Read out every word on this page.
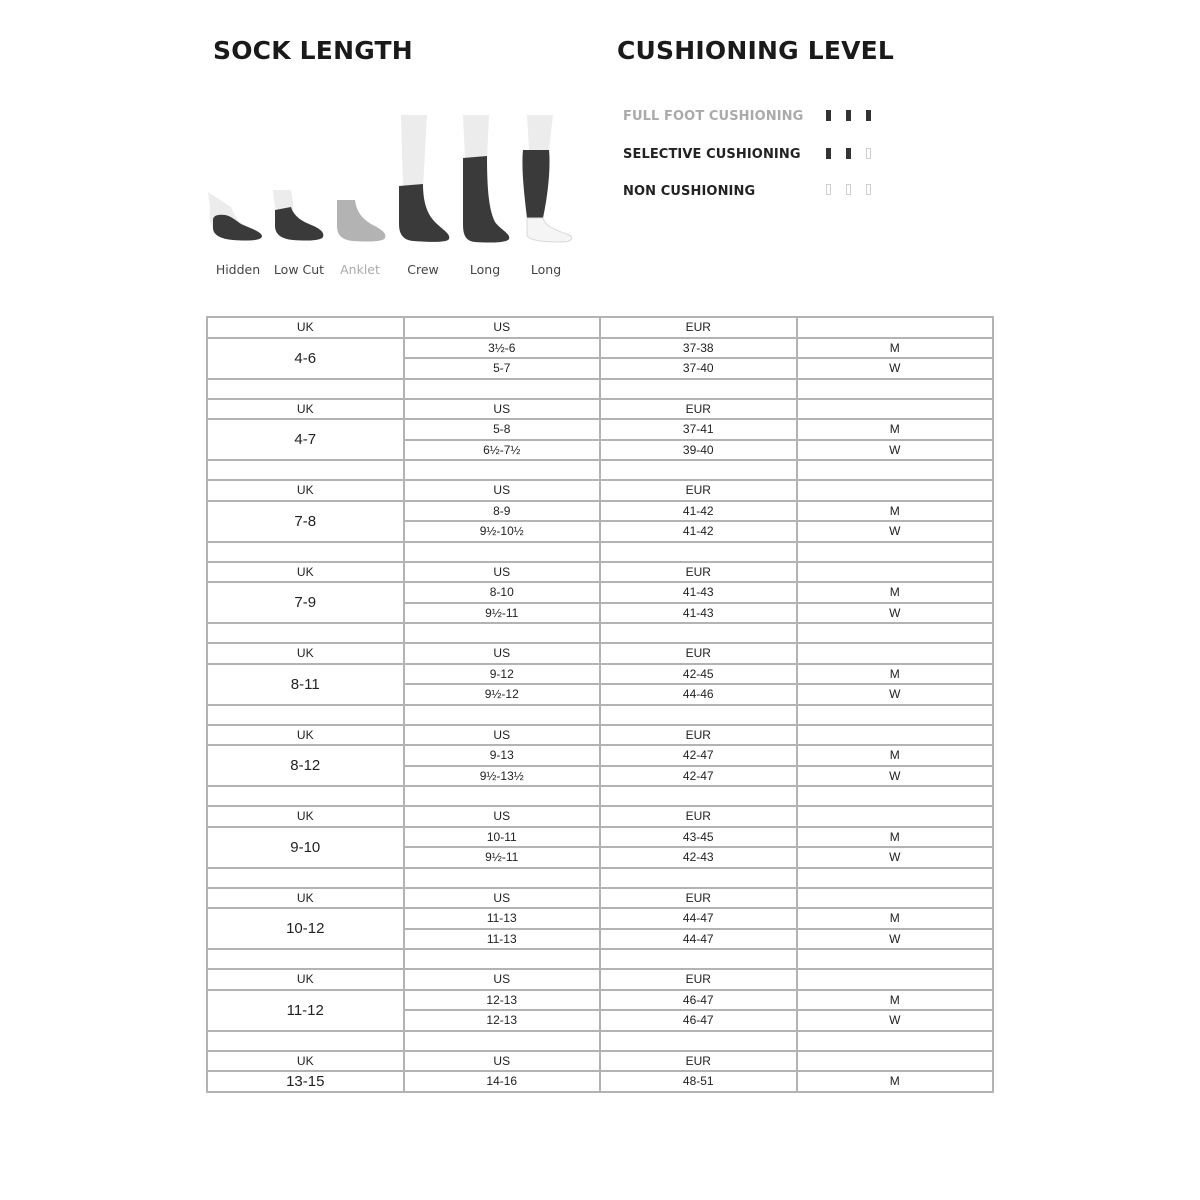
SOCK LENGTH	CUSHIONING LEVEL
Hidden	Low Cut	Anklet	Crew	Long	Long
FULL FOOT CUSHIONING
SELECTIVE CUSHIONING
NON CUSHIONING
UK	US	EUR	
4-6	3½-6	37-38	M
	5-7	37-40	W

UK	US	EUR	
4-7	5-8	37-41	M
	6½-7½	39-40	W

UK	US	EUR	
7-8	8-9	41-42	M
	9½-10½	41-42	W

UK	US	EUR	
7-9	8-10	41-43	M
	9½-11	41-43	W

UK	US	EUR	
8-11	9-12	42-45	M
	9½-12	44-46	W

UK	US	EUR	
8-12	9-13	42-47	M
	9½-13½	42-47	W

UK	US	EUR	
9-10	10-11	43-45	M
	9½-11	42-43	W

UK	US	EUR	
10-12	11-13	44-47	M
	11-13	44-47	W

UK	US	EUR	
11-12	12-13	46-47	M
	12-13	46-47	W

UK	US	EUR	
13-15	14-16	48-51	M
